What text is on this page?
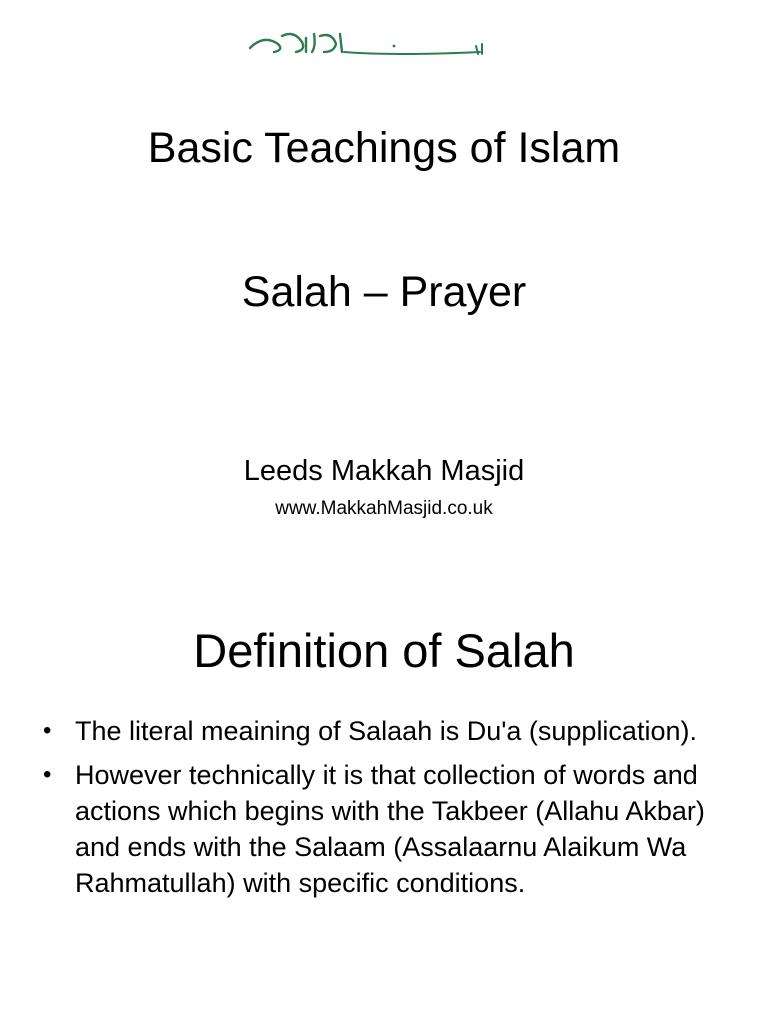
Basic Teachings of Islam
Salah – Prayer
Leeds Makkah Masjid
www.MakkahMasjid.co.uk
Definition of Salah
• The literal meaining of Salaah is Du'a (supplication).
• However technically it is that collection of words and actions which begins with the Takbeer (Allahu Akbar) and ends with the Salaam (Assalaarnu Alaikum Wa Rahmatullah) with specific conditions.
